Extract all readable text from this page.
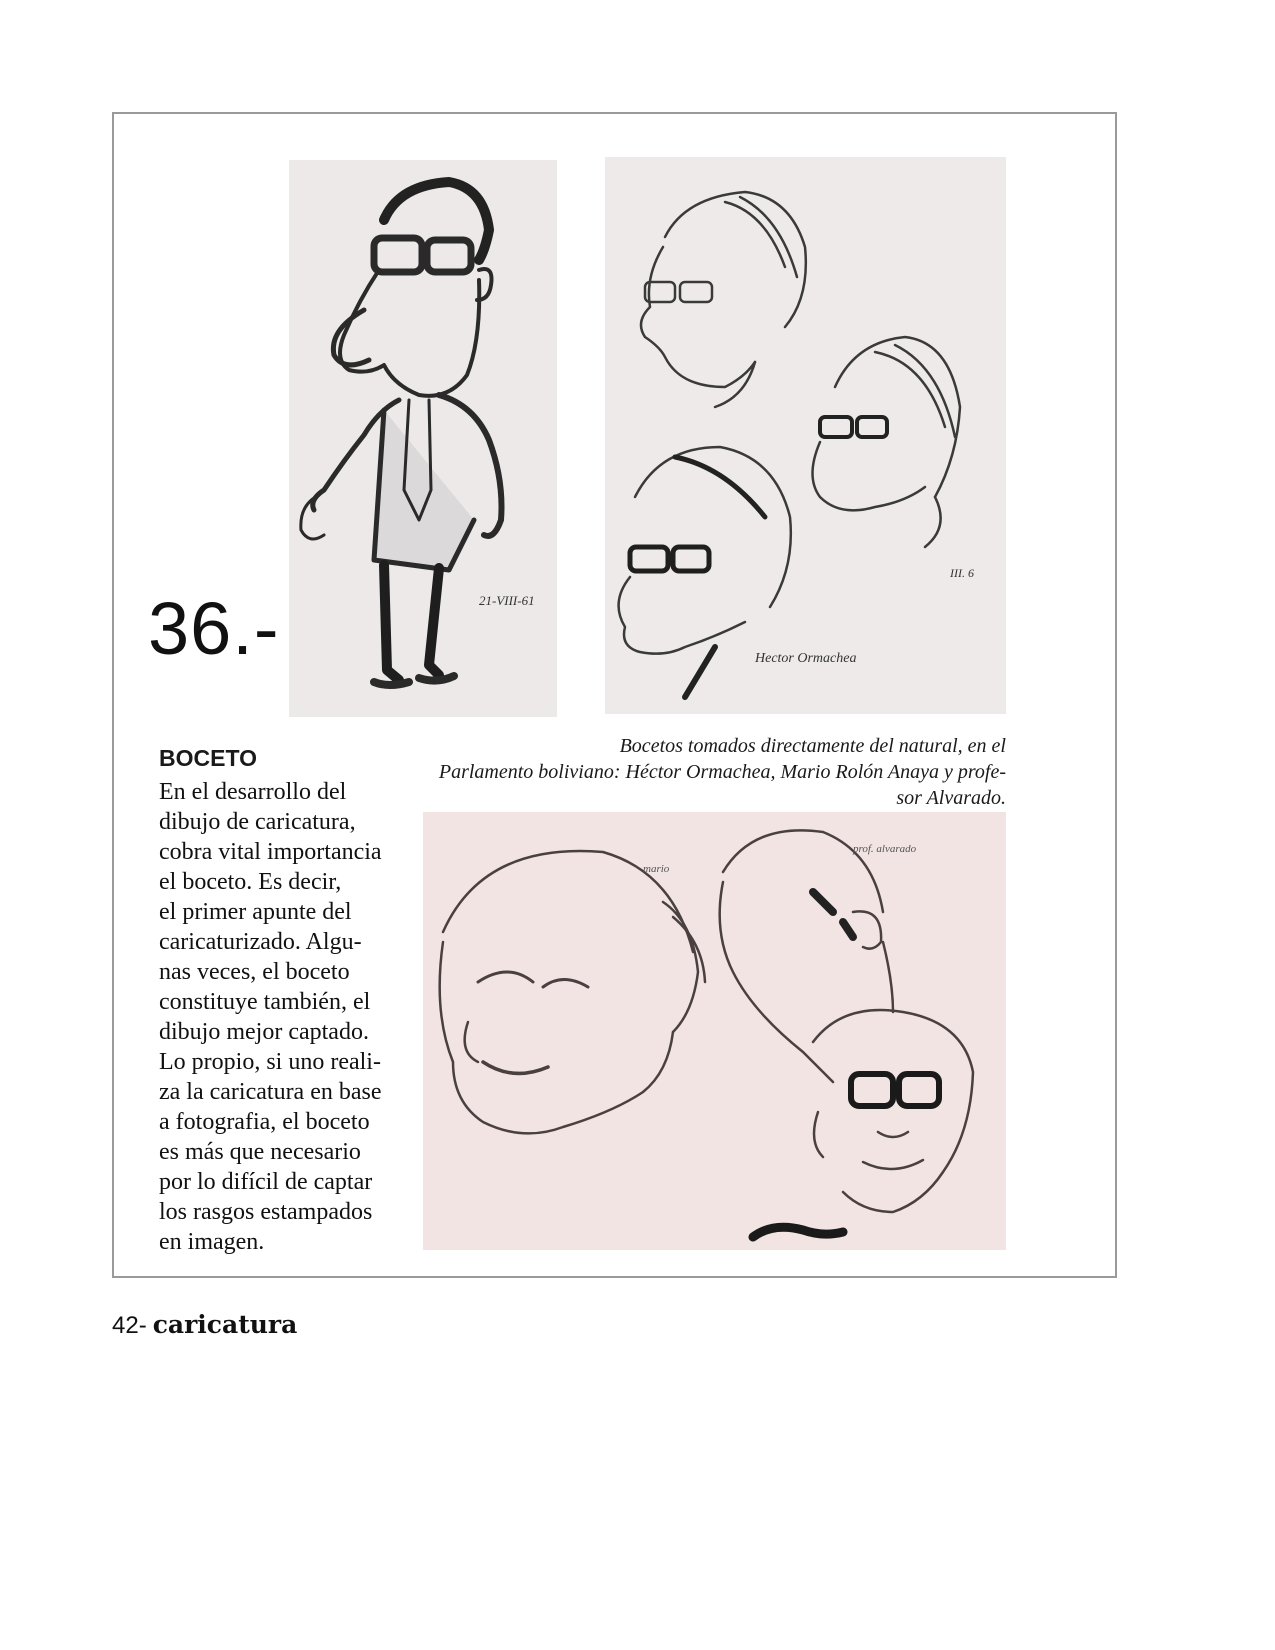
36.-	21-VIII-61
Hector Ormachea
III. 6
Bocetos tomados directamente del natural, en el
Parlamento boliviano: Héctor Ormachea, Mario Rolón Anaya y profe-
sor Alvarado.
mario
prof. alvarado
BOCETO
En el desarrollo del
dibujo de caricatura,
cobra vital importancia
el boceto. Es decir,
el primer apunte del
caricaturizado. Algu-
nas veces, el boceto
constituye también, el
dibujo mejor captado.
Lo propio, si uno reali-
za la caricatura en base
a fotografia, el boceto
es más que necesario
por lo difícil de captar
los rasgos estampados
en imagen.
42- caricatura
